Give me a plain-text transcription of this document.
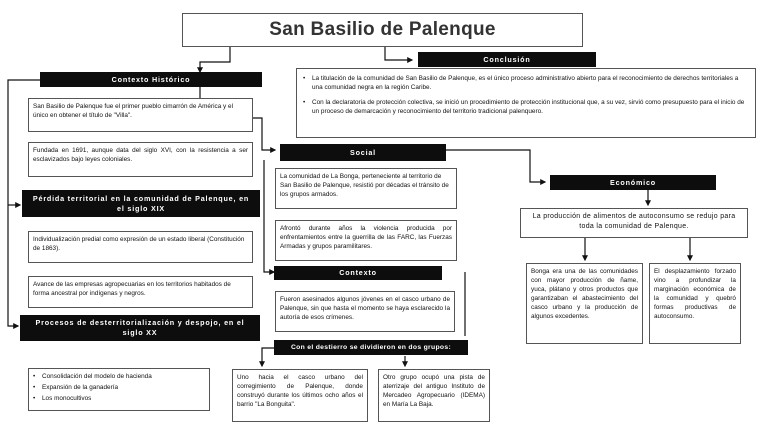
San Basilio de Palenque
Conclusión
• La titulación de la comunidad de San Basilio de Palenque, es el único proceso administrativo abierto para el reconocimiento de derechos territoriales a una comunidad negra en la región Caribe.
• Con la declaratoria de protección colectiva, se inició un procedimiento de protección institucional que, a su vez, sirvió como presupuesto para el inicio de un proceso de demarcación y reconocimiento del territorio tradicional palenquero.
Contexto Histórico
San Basilio de Palenque fue el primer pueblo cimarrón de América y el único en obtener el título de "Villa".
Fundada en 1691, aunque data del siglo XVI, con la resistencia a ser esclavizados bajo leyes coloniales.
Pérdida territorial en la comunidad de Palenque, en el siglo XIX
Individualización predial como expresión de un estado liberal (Constitución de 1863).
Avance de las empresas agropecuarias en los territorios habitados de forma ancestral por indígenas y negros.
Procesos de desterritorialización y despojo, en el siglo XX
• Consolidación del modelo de hacienda
• Expansión de la ganadería
• Los monocultivos
Social
La comunidad de La Bonga, perteneciente al territorio de San Basilio de Palenque, resistió por décadas el tránsito de los grupos armados.
Afrontó durante años la violencia producida por enfrentamientos entre la guerrilla de las FARC, las Fuerzas Armadas y grupos paramilitares.
Contexto
Fueron asesinados algunos jóvenes en el casco urbano de Palenque, sin que hasta el momento se haya esclarecido la autoría de esos crímenes.
Con el destierro se dividieron en dos grupos:
Uno hacia el casco urbano del corregimiento de Palenque, donde construyó durante los últimos ocho años el barrio "La Bonguita".
Otro grupo ocupó una pista de aterrizaje del antiguo Instituto de Mercadeo Agropecuario (IDEMA) en María La Baja.
Económico
La producción de alimentos de autoconsumo se redujo para toda la comunidad de Palenque.
Bonga era una de las comunidades con mayor producción de ñame, yuca, plátano y otros productos que garantizaban el abastecimiento del casco urbano y la producción de algunos excedentes.
El desplazamiento forzado vino a profundizar la marginación económica de la comunidad y quebró formas productivas de autoconsumo.
